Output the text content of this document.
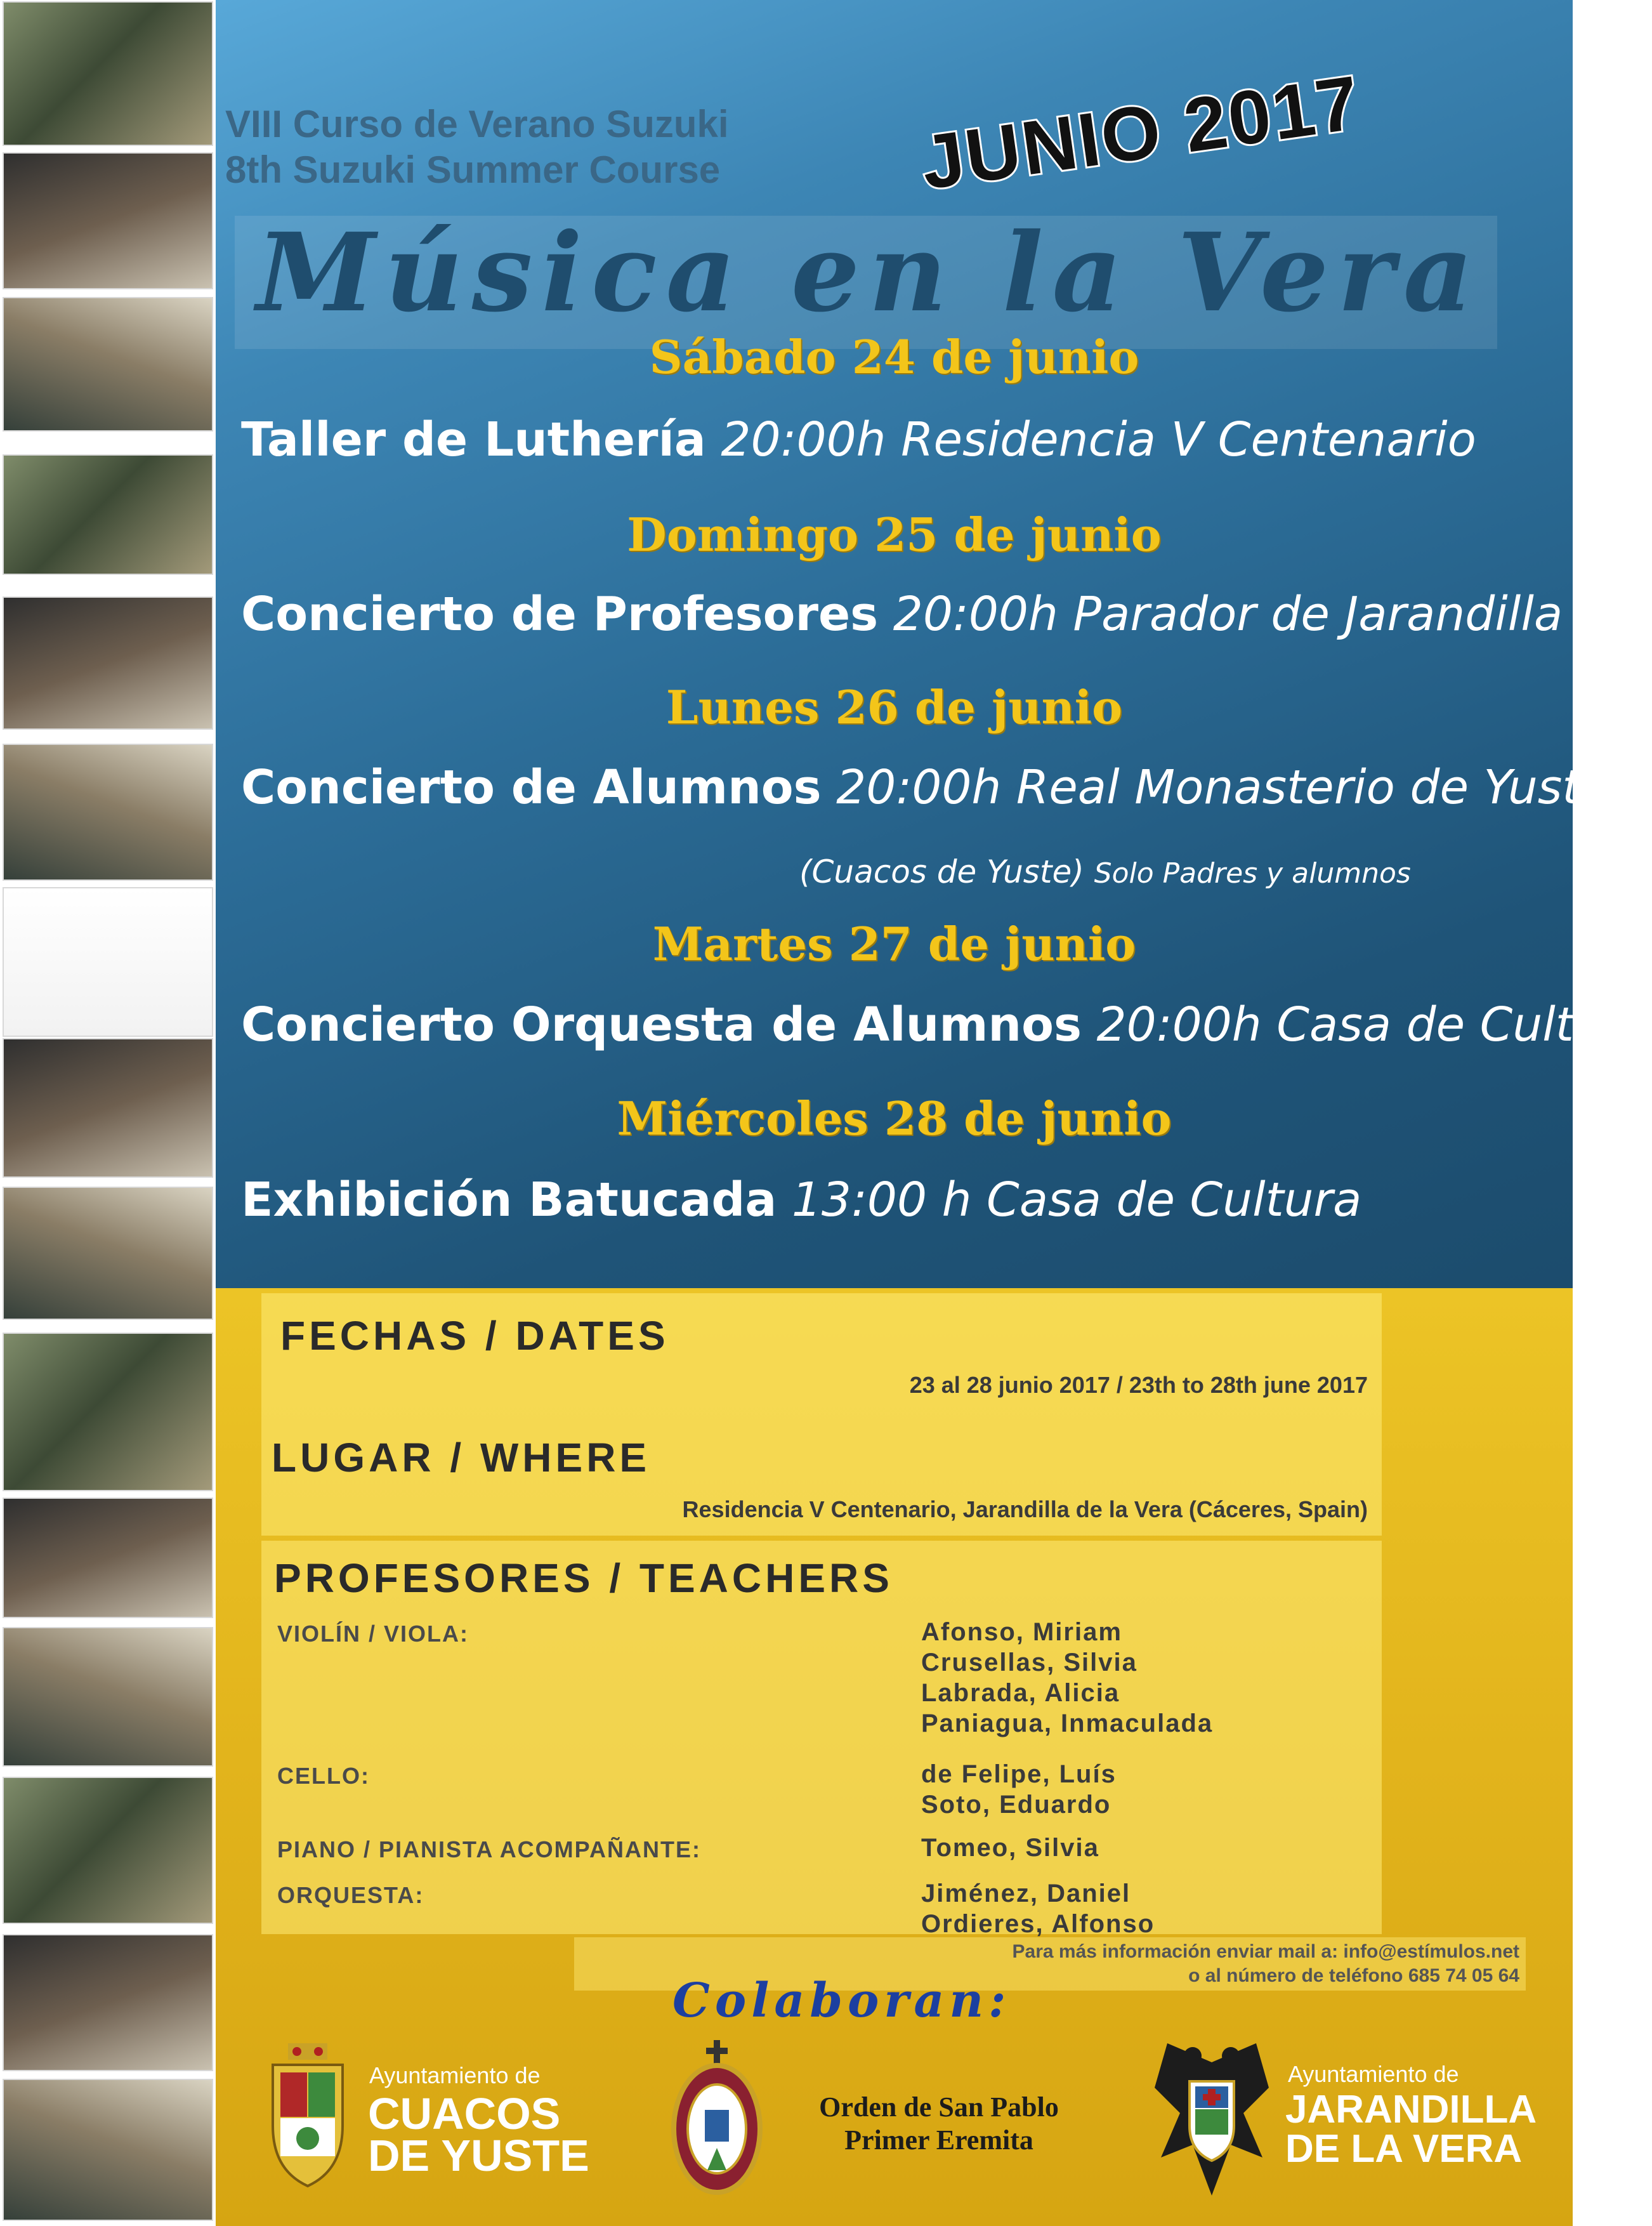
VIII Curso de Verano Suzuki
8th Suzuki Summer Course	JUNIO 2017
Música en la Vera
Sábado 24 de junio
Taller de Luthería 20:00h Residencia V Centenario
Domingo 25 de junio
Concierto de Profesores 20:00h Parador de Jarandilla
Lunes 26 de junio
Concierto de Alumnos 20:00h Real Monasterio de Yuste
(Cuacos de Yuste) Solo Padres y alumnos
Martes 27 de junio
Concierto Orquesta de Alumnos 20:00h Casa de Cultura
Miércoles 28 de junio
Exhibición Batucada 13:00 h Casa de Cultura
FECHAS / DATES
23 al 28 junio 2017 / 23th to 28th june 2017
LUGAR / WHERE
Residencia V Centenario, Jarandilla de la Vera (Cáceres, Spain)
PROFESORES / TEACHERS
VIOLÍN / VIOLA:	Afonso, Miriam
Crusellas, Silvia
Labrada, Alicia
Paniagua, Inmaculada
CELLO:	de Felipe, Luís
Soto, Eduardo
PIANO / PIANISTA ACOMPAÑANTE:	Tomeo, Silvia
ORQUESTA:	Jiménez, Daniel
Ordieres, Alfonso
Para más información enviar mail a: info@estímulos.net
o al número de teléfono 685 74 05 64
Colaboran:
Ayuntamiento de
CUACOS
DE YUSTE
Orden de San Pablo
Primer Eremita
Ayuntamiento de
JARANDILLA
DE LA VERA
